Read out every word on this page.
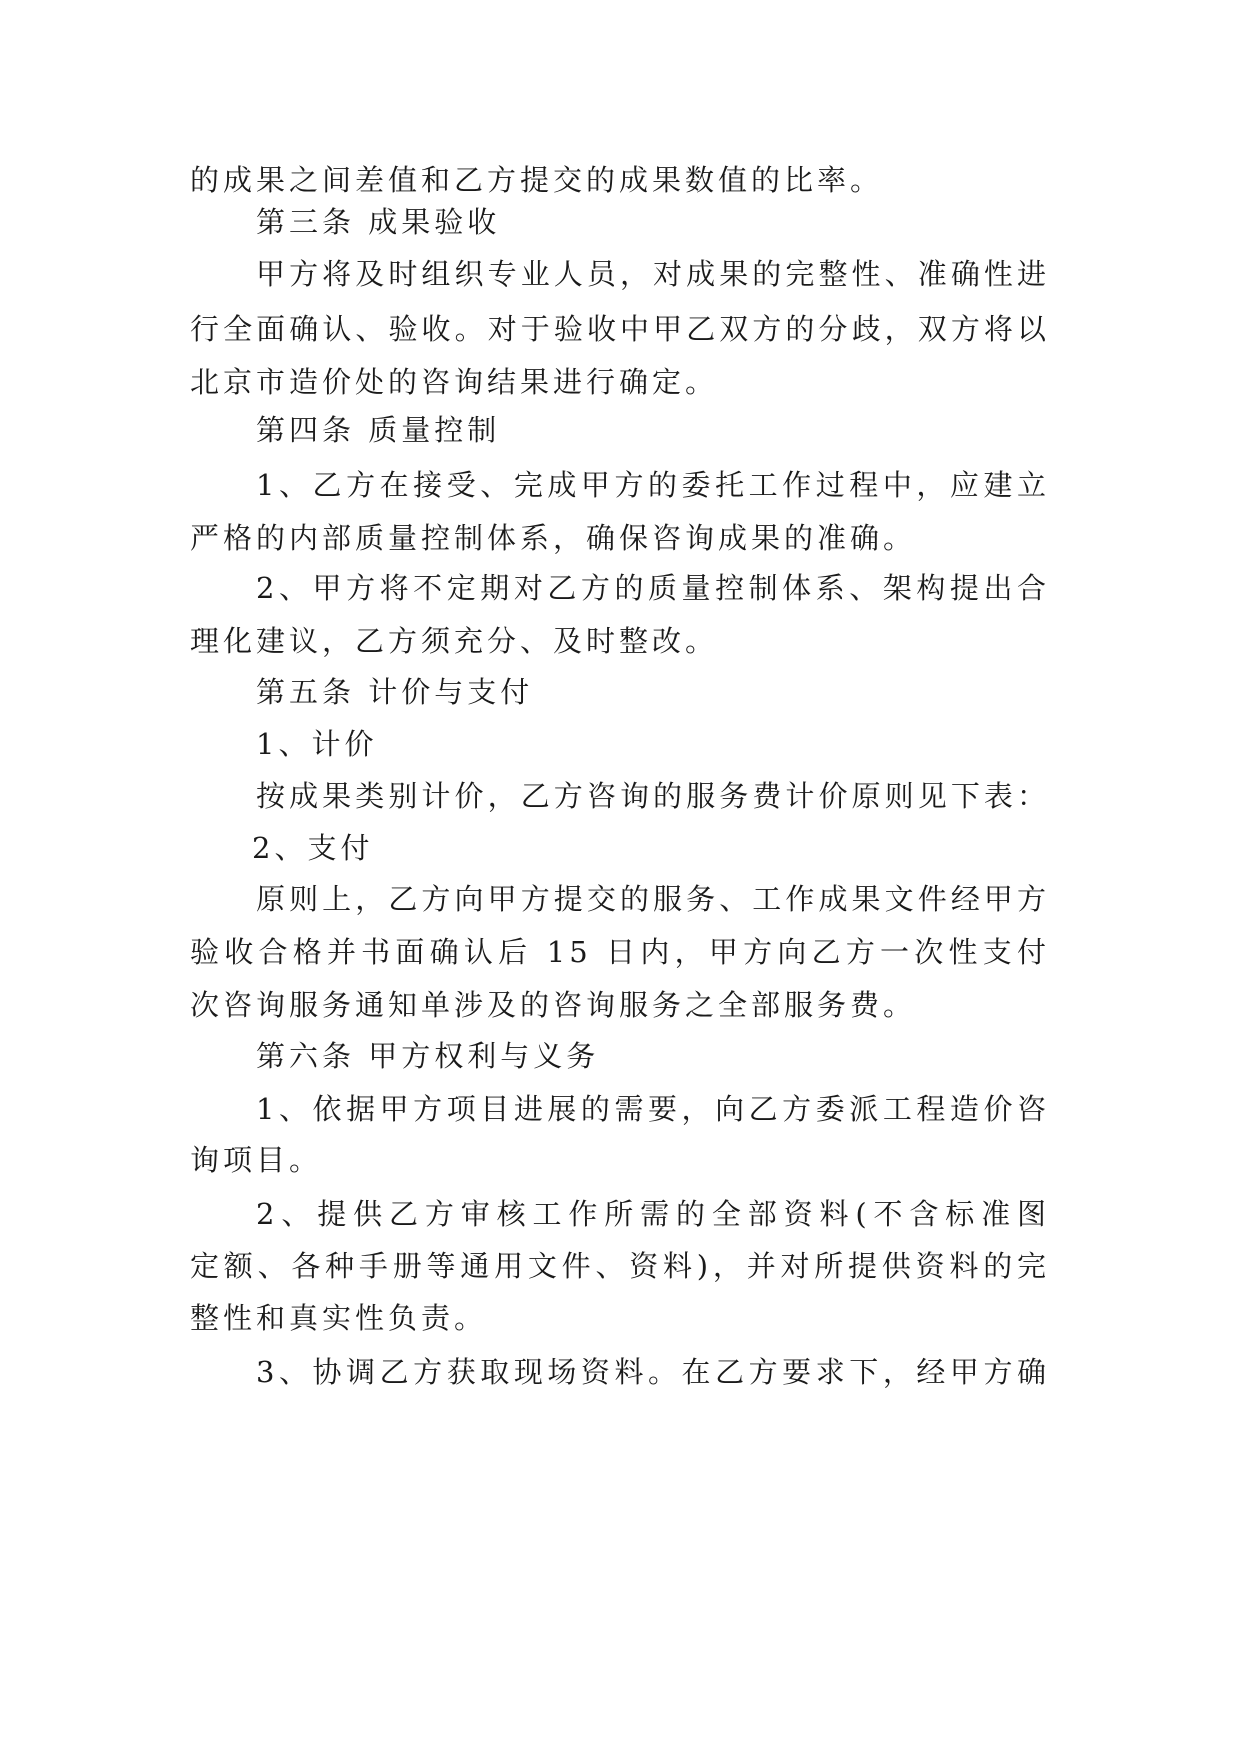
的成果之间差值和乙方提交的成果数值的比率。
第三条 成果验收
甲方将及时组织专业人员，对成果的完整性、准确性进
行全面确认、验收。对于验收中甲乙双方的分歧，双方将以
北京市造价处的咨询结果进行确定。
第四条 质量控制
1、乙方在接受、完成甲方的委托工作过程中，应建立
严格的内部质量控制体系，确保咨询成果的准确。
2、甲方将不定期对乙方的质量控制体系、架构提出合
理化建议，乙方须充分、及时整改。
第五条 计价与支付
1、计价
按成果类别计价，乙方咨询的服务费计价原则见下表：
2、支付
原则上，乙方向甲方提交的服务、工作成果文件经甲方
验收合格并书面确认后 15 日内，甲方向乙方一次性支付
次咨询服务通知单涉及的咨询服务之全部服务费。
第六条 甲方权利与义务
1、依据甲方项目进展的需要，向乙方委派工程造价咨
询项目。
2、提供乙方审核工作所需的全部资料(不含标准图
定额、各种手册等通用文件、资料)，并对所提供资料的完
整性和真实性负责。
3、协调乙方获取现场资料。在乙方要求下，经甲方确
